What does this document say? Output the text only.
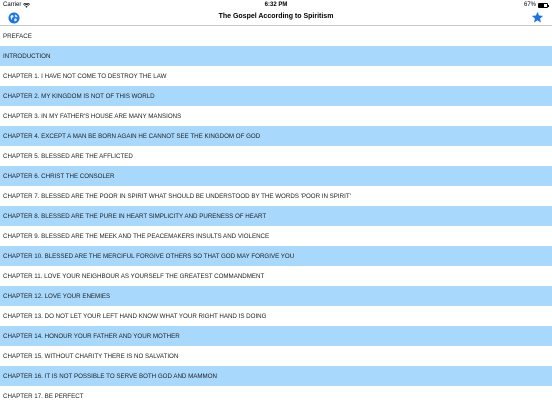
Carrier	6:32 PM	67%
The Gospel According to Spiritism
PREFACE
INTRODUCTION
CHAPTER 1. I HAVE NOT COME TO DESTROY THE LAW
CHAPTER 2. MY KINGDOM IS NOT OF THIS WORLD
CHAPTER 3. IN MY FATHER'S HOUSE ARE MANY MANSIONS
CHAPTER 4. EXCEPT A MAN BE BORN AGAIN HE CANNOT SEE THE KINGDOM OF GOD
CHAPTER 5. BLESSED ARE THE AFFLICTED
CHAPTER 6. CHRIST THE CONSOLER
CHAPTER 7. BLESSED ARE THE POOR IN SPIRIT WHAT SHOULD BE UNDERSTOOD BY THE WORDS 'POOR IN SPIRIT'
CHAPTER 8. BLESSED ARE THE PURE IN HEART SIMPLICITY AND PURENESS OF HEART
CHAPTER 9. BLESSED ARE THE MEEK AND THE PEACEMAKERS INSULTS AND VIOLENCE
CHAPTER 10. BLESSED ARE THE MERCIFUL FORGIVE OTHERS SO THAT GOD MAY FORGIVE YOU
CHAPTER 11. LOVE YOUR NEIGHBOUR AS YOURSELF THE GREATEST COMMANDMENT
CHAPTER 12. LOVE YOUR ENEMIES
CHAPTER 13. DO NOT LET YOUR LEFT HAND KNOW WHAT YOUR RIGHT HAND IS DOING
CHAPTER 14. HONOUR YOUR FATHER AND YOUR MOTHER
CHAPTER 15. WITHOUT CHARITY THERE IS NO SALVATION
CHAPTER 16. IT IS NOT POSSIBLE TO SERVE BOTH GOD AND MAMMON
CHAPTER 17. BE PERFECT
